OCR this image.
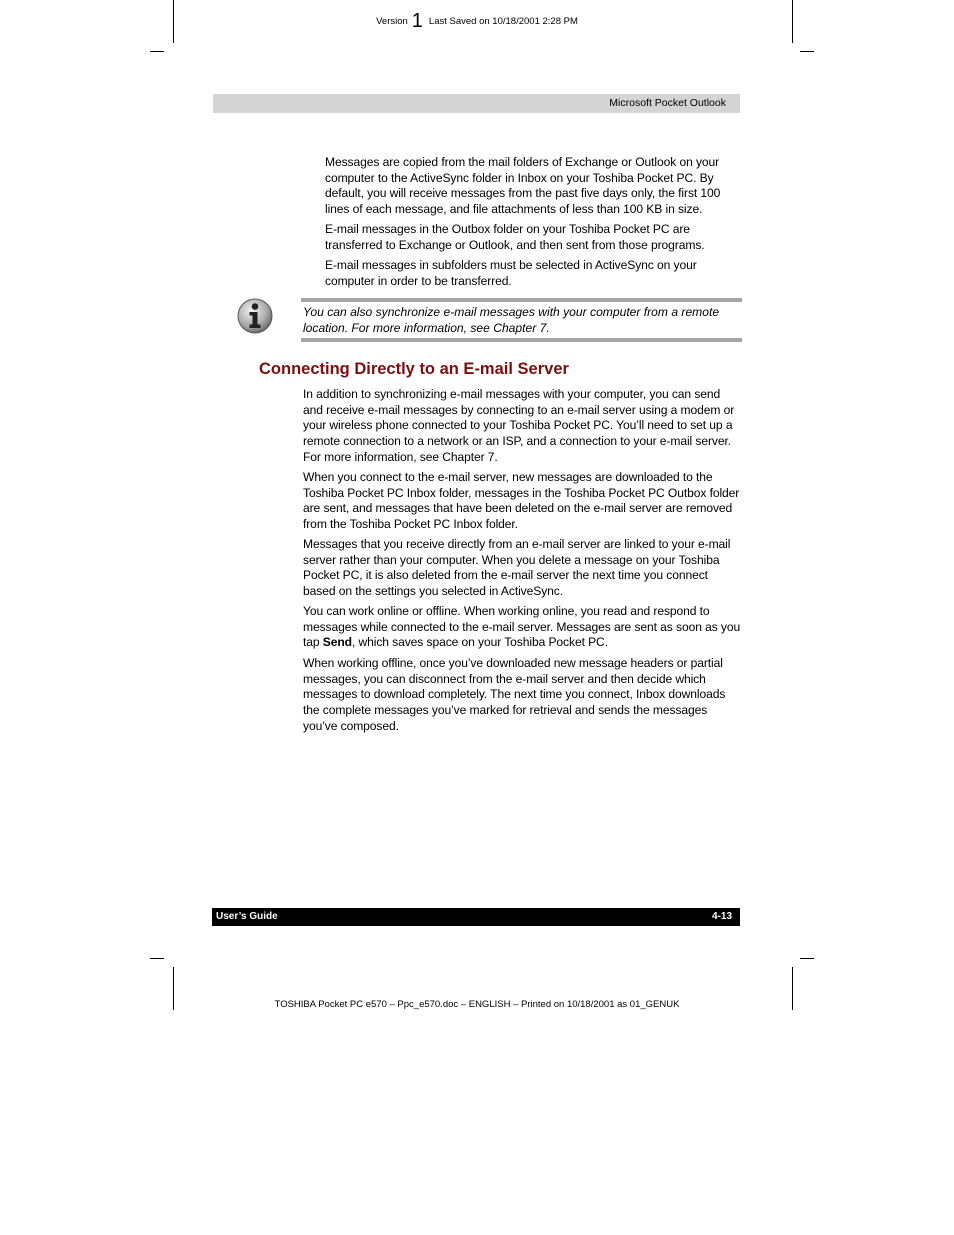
Version 1 Last Saved on 10/18/2001 2:28 PM
Microsoft Pocket Outlook

Messages are copied from the mail folders of Exchange or Outlook on your computer to the ActiveSync folder in Inbox on your Toshiba Pocket PC. By default, you will receive messages from the past five days only, the first 100 lines of each message, and file attachments of less than 100 KB in size.

E-mail messages in the Outbox folder on your Toshiba Pocket PC are transferred to Exchange or Outlook, and then sent from those programs.

E-mail messages in subfolders must be selected in ActiveSync on your computer in order to be transferred.

You can also synchronize e-mail messages with your computer from a remote location. For more information, see Chapter 7.

Connecting Directly to an E-mail Server

In addition to synchronizing e-mail messages with your computer, you can send and receive e-mail messages by connecting to an e-mail server using a modem or your wireless phone connected to your Toshiba Pocket PC. You’ll need to set up a remote connection to a network or an ISP, and a connection to your e-mail server. For more information, see Chapter 7.

When you connect to the e-mail server, new messages are downloaded to the Toshiba Pocket PC Inbox folder, messages in the Toshiba Pocket PC Outbox folder are sent, and messages that have been deleted on the e-mail server are removed from the Toshiba Pocket PC Inbox folder.

Messages that you receive directly from an e-mail server are linked to your e-mail server rather than your computer. When you delete a message on your Toshiba Pocket PC, it is also deleted from the e-mail server the next time you connect based on the settings you selected in ActiveSync.

You can work online or offline. When working online, you read and respond to messages while connected to the e-mail server. Messages are sent as soon as you tap Send, which saves space on your Toshiba Pocket PC.

When working offline, once you’ve downloaded new message headers or partial messages, you can disconnect from the e-mail server and then decide which messages to download completely. The next time you connect, Inbox downloads the complete messages you’ve marked for retrieval and sends the messages you’ve composed.

User’s Guide	4-13
TOSHIBA Pocket PC e570 – Ppc_e570.doc – ENGLISH – Printed on 10/18/2001 as 01_GENUK
